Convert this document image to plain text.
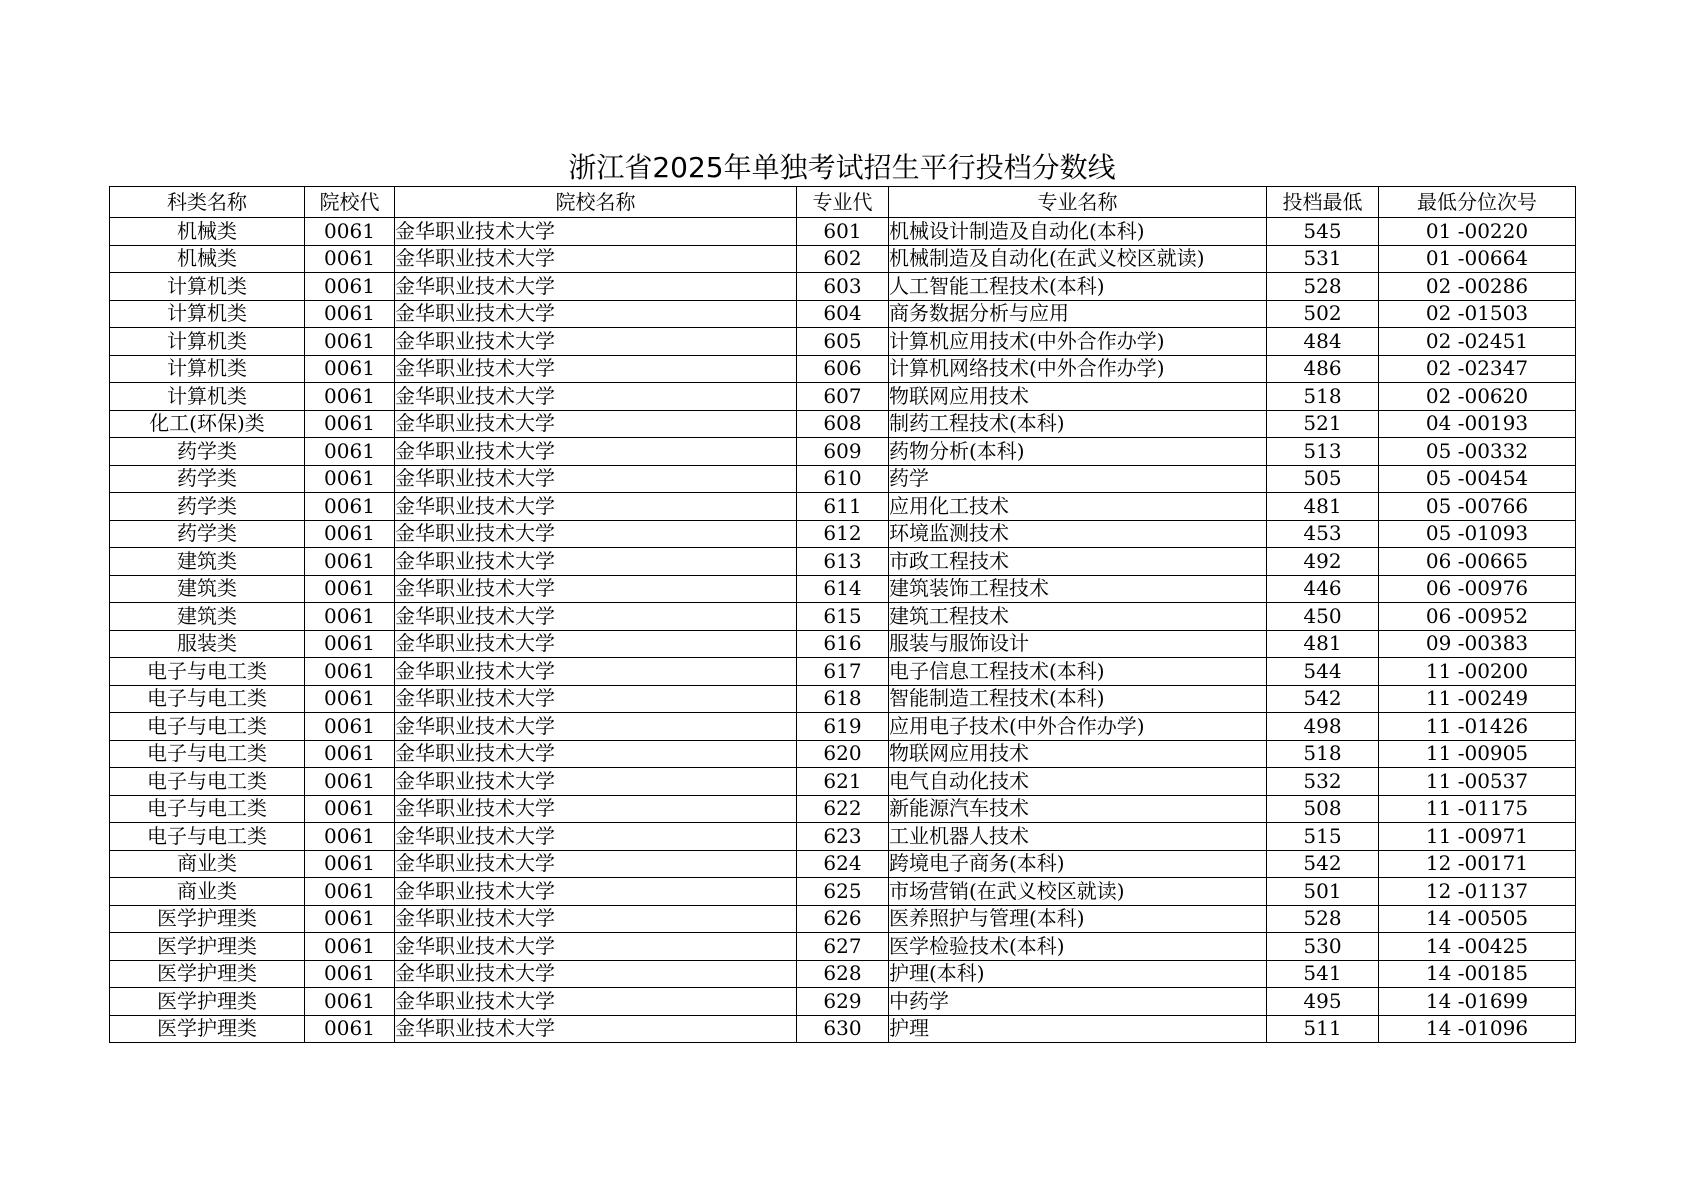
浙江省2025年单独考试招生平行投档分数线
科类名称	院校代	院校名称	专业代	专业名称	投档最低	最低分位次号
机械类	0061	金华职业技术大学	601	机械设计制造及自动化(本科)	545	01 -00220
机械类	0061	金华职业技术大学	602	机械制造及自动化(在武义校区就读)	531	01 -00664
计算机类	0061	金华职业技术大学	603	人工智能工程技术(本科)	528	02 -00286
计算机类	0061	金华职业技术大学	604	商务数据分析与应用	502	02 -01503
计算机类	0061	金华职业技术大学	605	计算机应用技术(中外合作办学)	484	02 -02451
计算机类	0061	金华职业技术大学	606	计算机网络技术(中外合作办学)	486	02 -02347
计算机类	0061	金华职业技术大学	607	物联网应用技术	518	02 -00620
化工(环保)类	0061	金华职业技术大学	608	制药工程技术(本科)	521	04 -00193
药学类	0061	金华职业技术大学	609	药物分析(本科)	513	05 -00332
药学类	0061	金华职业技术大学	610	药学	505	05 -00454
药学类	0061	金华职业技术大学	611	应用化工技术	481	05 -00766
药学类	0061	金华职业技术大学	612	环境监测技术	453	05 -01093
建筑类	0061	金华职业技术大学	613	市政工程技术	492	06 -00665
建筑类	0061	金华职业技术大学	614	建筑装饰工程技术	446	06 -00976
建筑类	0061	金华职业技术大学	615	建筑工程技术	450	06 -00952
服装类	0061	金华职业技术大学	616	服装与服饰设计	481	09 -00383
电子与电工类	0061	金华职业技术大学	617	电子信息工程技术(本科)	544	11 -00200
电子与电工类	0061	金华职业技术大学	618	智能制造工程技术(本科)	542	11 -00249
电子与电工类	0061	金华职业技术大学	619	应用电子技术(中外合作办学)	498	11 -01426
电子与电工类	0061	金华职业技术大学	620	物联网应用技术	518	11 -00905
电子与电工类	0061	金华职业技术大学	621	电气自动化技术	532	11 -00537
电子与电工类	0061	金华职业技术大学	622	新能源汽车技术	508	11 -01175
电子与电工类	0061	金华职业技术大学	623	工业机器人技术	515	11 -00971
商业类	0061	金华职业技术大学	624	跨境电子商务(本科)	542	12 -00171
商业类	0061	金华职业技术大学	625	市场营销(在武义校区就读)	501	12 -01137
医学护理类	0061	金华职业技术大学	626	医养照护与管理(本科)	528	14 -00505
医学护理类	0061	金华职业技术大学	627	医学检验技术(本科)	530	14 -00425
医学护理类	0061	金华职业技术大学	628	护理(本科)	541	14 -00185
医学护理类	0061	金华职业技术大学	629	中药学	495	14 -01699
医学护理类	0061	金华职业技术大学	630	护理	511	14 -01096
